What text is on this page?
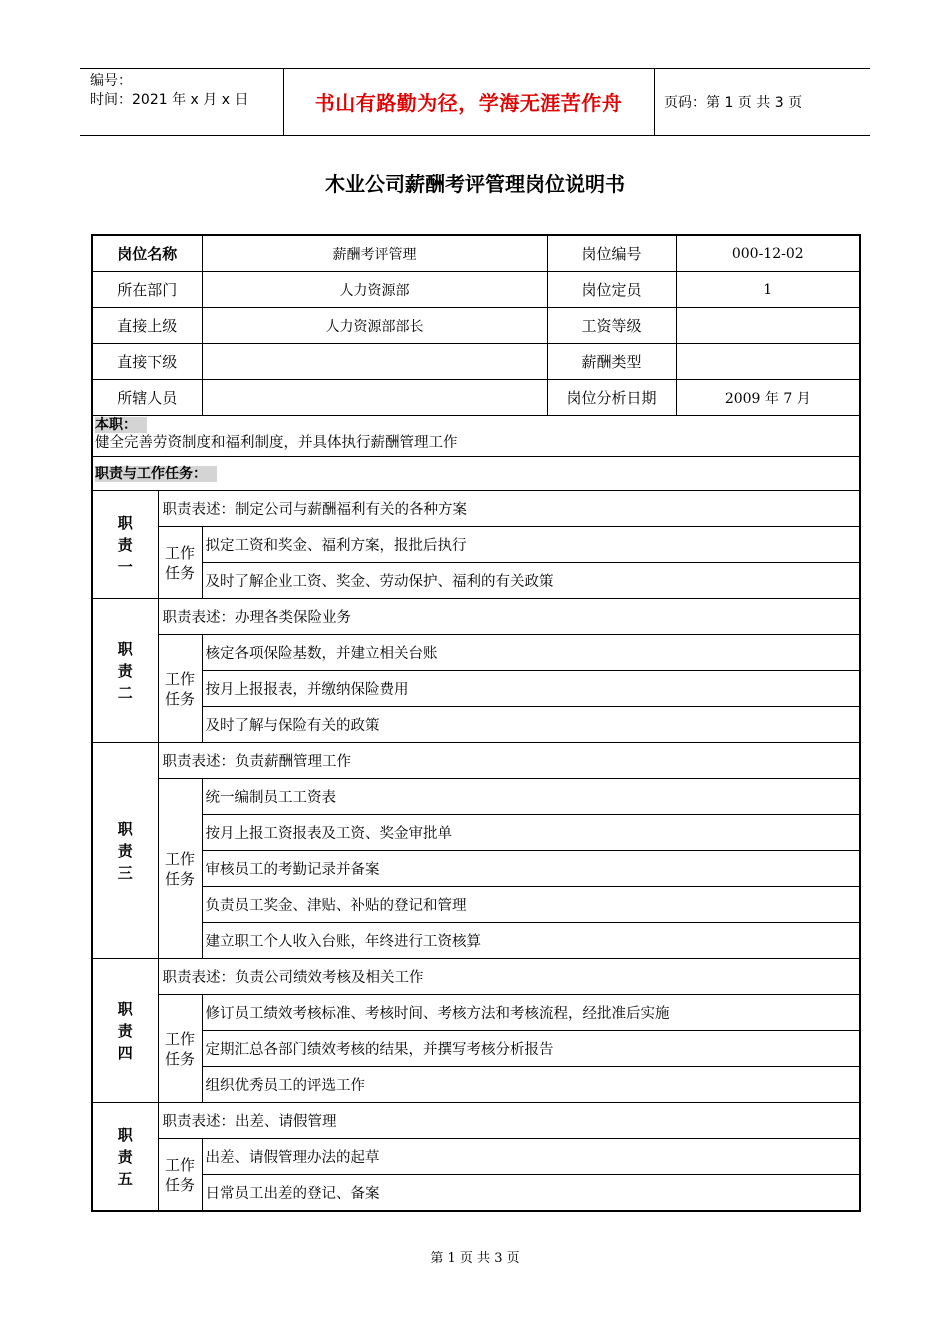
编号：
时间：2021 年 x 月 x 日	书山有路勤为径，学海无涯苦作舟	页码：第 1 页 共 3 页
木业公司薪酬考评管理岗位说明书
岗位名称		薪酬考评管理	岗位编号	000-12-02
所在部门		人力资源部	岗位定员	1
直接上级		人力资源部部长	工资等级	
直接下级			薪酬类型	
所辖人员			岗位分析日期	2009 年 7 月

本职：
健全完善劳资制度和福利制度，并具体执行薪酬管理工作				

职责与工作任务：				

职
责
一	职责表述：制定公司与薪酬福利有关的各种方案			
	工作任务	拟定工资和奖金、福利方案，报批后执行		
		及时了解企业工资、奖金、劳动保护、福利的有关政策		

职
责
二	职责表述：办理各类保险业务			
	工作任务	核定各项保险基数，并建立相关台账		
		按月上报报表，并缴纳保险费用		
		及时了解与保险有关的政策		

职
责
三	职责表述：负责薪酬管理工作			
	工作任务	统一编制员工工资表		
		按月上报工资报表及工资、奖金审批单		
		审核员工的考勤记录并备案		
		负责员工奖金、津贴、补贴的登记和管理		
		建立职工个人收入台账，年终进行工资核算		

职
责
四	职责表述：负责公司绩效考核及相关工作			
	工作任务	修订员工绩效考核标准、考核时间、考核方法和考核流程，经批准后实施		
		定期汇总各部门绩效考核的结果，并撰写考核分析报告		
		组织优秀员工的评选工作		

职
责
五	职责表述：出差、请假管理			
	工作任务	出差、请假管理办法的起草		
		日常员工出差的登记、备案		
第 1 页 共 3 页
